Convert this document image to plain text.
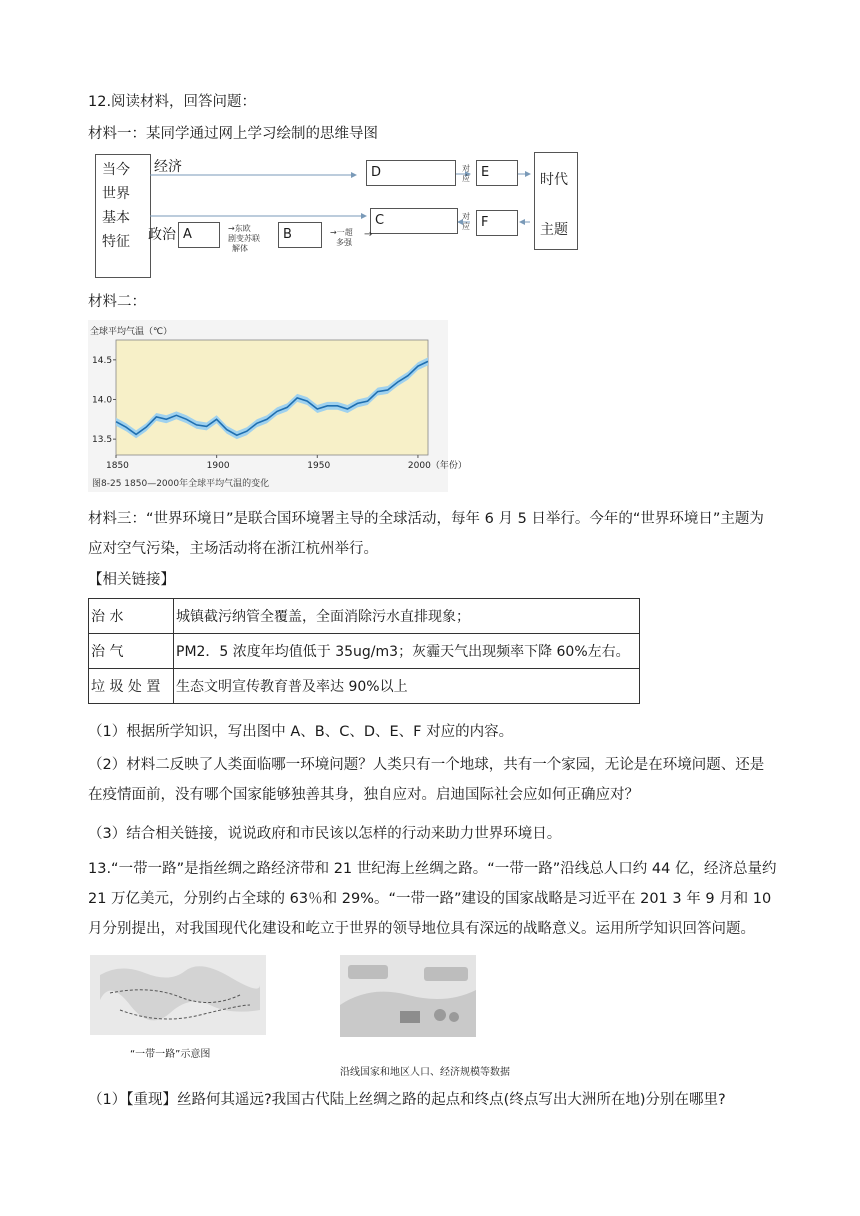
12.阅读材料，回答问题：
材料一：某同学通过网上学习绘制的思维导图
当今
世界
基本
特征
经济
政治
D
C
A	→东欧
剧变苏联
解体
B	→一超
多强
→
对
应
对
应
E
F
时代
主题
材料二：
14.5
14.0
13.5
1850	1900	1950	2000（年份）
全球平均气温（℃）
图8-25 1850—2000年全球平均气温的变化
材料三：“世界环境日”是联合国环境署主导的全球活动，每年 6 月 5 日举行。今年的“世界环境日”主题为应对空气污染，主场活动将在浙江杭州举行。
【相关链接】
治 水	城镇截污纳管全覆盖，全面消除污水直排现象；
治 气	PM2．5 浓度年均值低于 35ug/m3；灰霾天气出现频率下降 60%左右。
垃 圾 处 置	生态文明宣传教育普及率达 90%以上
（1）根据所学知识，写出图中 A、B、C、D、E、F 对应的内容。
（2）材料二反映了人类面临哪一环境问题？人类只有一个地球，共有一个家园，无论是在环境问题、还是在疫情面前，没有哪个国家能够独善其身，独自应对。启迪国际社会应如何正确应对？
（3）结合相关链接，说说政府和市民该以怎样的行动来助力世界环境日。
13.“一带一路”是指丝绸之路经济带和 21 世纪海上丝绸之路。“一带一路”沿线总人口约 44 亿，经济总量约 21 万亿美元，分别约占全球的 63％和 29%。“一带一路”建设的国家战略是习近平在 201 3 年 9 月和 10 月分别提出，对我国现代化建设和屹立于世界的领导地位具有深远的战略意义。运用所学知识回答问题。
“一带一路”示意图
沿线国家和地区人口、经济规模等数据
（1）【重现】丝路何其遥远?我国古代陆上丝绸之路的起点和终点(终点写出大洲所在地)分别在哪里?
